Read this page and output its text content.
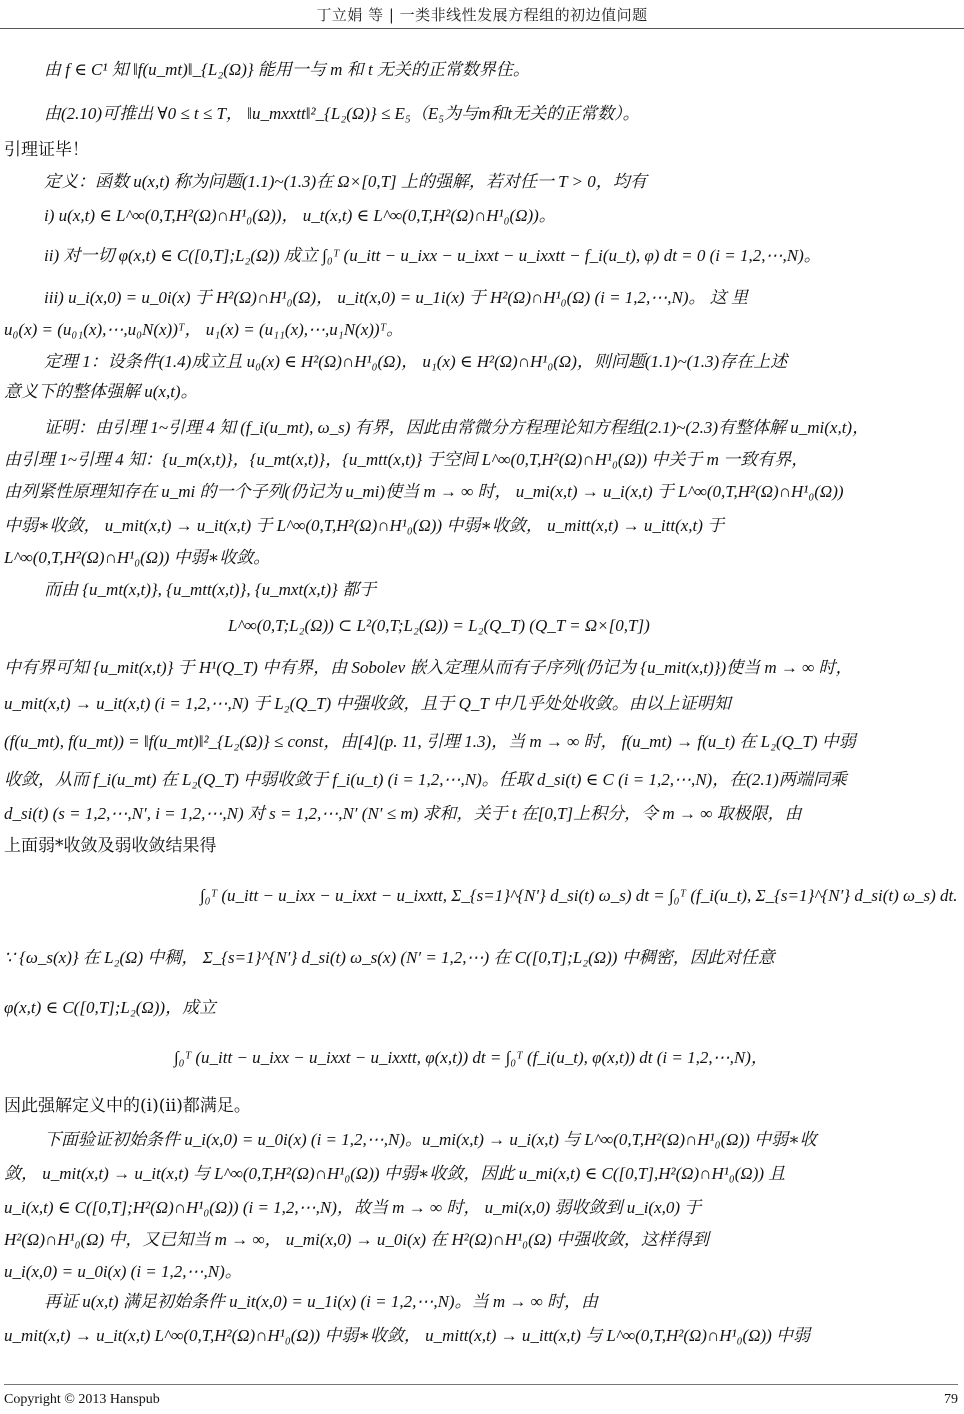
丁立娟 等 | 一类非线性发展方程组的初边值问题
由 f ∈ C¹ 知 ‖f(u_mt)‖_{L₂(Ω)} 能用一与 m 和 t 无关的正常数界住。
由(2.10)可推出 ∀0 ≤ t ≤ T， ‖u_mxxtt‖²_{L₂(Ω)} ≤ E₅（E₅为与m和t无关的正常数）。
引理证毕！
定义：函数 u(x,t) 称为问题(1.1)~(1.3)在 Ω×[0,T] 上的强解，若对任一 T > 0，均有
i) u(x,t) ∈ L^∞(0,T,H²(Ω)∩H¹₀(Ω))， u_t(x,t) ∈ L^∞(0,T,H²(Ω)∩H¹₀(Ω))。
ii) 对一切 φ(x,t) ∈ C([0,T];L₂(Ω)) 成立 ∫₀ᵀ (u_itt − u_ixx − u_ixxt − u_ixxtt − f_i(u_t), φ) dt = 0 (i = 1,2,⋯,N)。
iii) u_i(x,0) = u_0i(x) 于 H²(Ω)∩H¹₀(Ω)， u_it(x,0) = u_1i(x) 于 H²(Ω)∩H¹₀(Ω) (i = 1,2,⋯,N)。 这 里
u₀(x) = (u₀₁(x),⋯,u₀N(x))ᵀ， u₁(x) = (u₁₁(x),⋯,u₁N(x))ᵀ。
定理 1：设条件(1.4)成立且 u₀(x) ∈ H²(Ω)∩H¹₀(Ω)， u₁(x) ∈ H²(Ω)∩H¹₀(Ω)，则问题(1.1)~(1.3)存在上述
意义下的整体强解 u(x,t)。
证明：由引理 1~引理 4 知 (f_i(u_mt), ω_s) 有界，因此由常微分方程理论知方程组(2.1)~(2.3)有整体解 u_mi(x,t)，
由引理 1~引理 4 知：{u_m(x,t)}，{u_mt(x,t)}，{u_mtt(x,t)} 于空间 L^∞(0,T,H²(Ω)∩H¹₀(Ω)) 中关于 m 一致有界，
由列紧性原理知存在 u_mi 的一个子列(仍记为 u_mi)使当 m → ∞ 时， u_mi(x,t) → u_i(x,t) 于 L^∞(0,T,H²(Ω)∩H¹₀(Ω))
中弱∗收敛， u_mit(x,t) → u_it(x,t) 于 L^∞(0,T,H²(Ω)∩H¹₀(Ω)) 中弱∗收敛， u_mitt(x,t) → u_itt(x,t) 于
L^∞(0,T,H²(Ω)∩H¹₀(Ω)) 中弱∗收敛。
而由 {u_mt(x,t)}, {u_mtt(x,t)}, {u_mxt(x,t)} 都于
L^∞(0,T;L₂(Ω)) ⊂ L²(0,T;L₂(Ω)) = L₂(Q_T) (Q_T = Ω×[0,T])
中有界可知 {u_mit(x,t)} 于 H¹(Q_T) 中有界，由 Sobolev 嵌入定理从而有子序列(仍记为 {u_mit(x,t)})使当 m → ∞ 时，
u_mit(x,t) → u_it(x,t) (i = 1,2,⋯,N) 于 L₂(Q_T) 中强收敛，且于 Q_T 中几乎处处收敛。由以上证明知
(f(u_mt), f(u_mt)) = ‖f(u_mt)‖²_{L₂(Ω)} ≤ const，由[4](p. 11, 引理 1.3)，当 m → ∞ 时， f(u_mt) → f(u_t) 在 L₂(Q_T) 中弱
收敛，从而 f_i(u_mt) 在 L₂(Q_T) 中弱收敛于 f_i(u_t) (i = 1,2,⋯,N)。任取 d_si(t) ∈ C (i = 1,2,⋯,N)，在(2.1)两端同乘
d_si(t) (s = 1,2,⋯,N′, i = 1,2,⋯,N) 对 s = 1,2,⋯,N′ (N′ ≤ m) 求和，关于 t 在[0,T]上积分，令 m → ∞ 取极限，由
上面弱*收敛及弱收敛结果得
∫₀ᵀ (u_itt − u_ixx − u_ixxt − u_ixxtt, Σ_{s=1}^{N′} d_si(t) ω_s) dt = ∫₀ᵀ (f_i(u_t), Σ_{s=1}^{N′} d_si(t) ω_s) dt.
∵ {ω_s(x)} 在 L₂(Ω) 中稠， Σ_{s=1}^{N′} d_si(t) ω_s(x) (N′ = 1,2,⋯) 在 C([0,T];L₂(Ω)) 中稠密，因此对任意
φ(x,t) ∈ C([0,T];L₂(Ω))，成立
∫₀ᵀ (u_itt − u_ixx − u_ixxt − u_ixxtt, φ(x,t)) dt = ∫₀ᵀ (f_i(u_t), φ(x,t)) dt (i = 1,2,⋯,N)，
因此强解定义中的(i)(ii)都满足。
下面验证初始条件 u_i(x,0) = u_0i(x) (i = 1,2,⋯,N)。u_mi(x,t) → u_i(x,t) 与 L^∞(0,T,H²(Ω)∩H¹₀(Ω)) 中弱∗收
敛， u_mit(x,t) → u_it(x,t) 与 L^∞(0,T,H²(Ω)∩H¹₀(Ω)) 中弱∗收敛，因此 u_mi(x,t) ∈ C([0,T],H²(Ω)∩H¹₀(Ω)) 且
u_i(x,t) ∈ C([0,T];H²(Ω)∩H¹₀(Ω)) (i = 1,2,⋯,N)，故当 m → ∞ 时， u_mi(x,0) 弱收敛到 u_i(x,0) 于
H²(Ω)∩H¹₀(Ω) 中，又已知当 m → ∞， u_mi(x,0) → u_0i(x) 在 H²(Ω)∩H¹₀(Ω) 中强收敛，这样得到
u_i(x,0) = u_0i(x) (i = 1,2,⋯,N)。
再证 u(x,t) 满足初始条件 u_it(x,0) = u_1i(x) (i = 1,2,⋯,N)。当 m → ∞ 时，由
u_mit(x,t) → u_it(x,t) L^∞(0,T,H²(Ω)∩H¹₀(Ω)) 中弱∗收敛， u_mitt(x,t) → u_itt(x,t) 与 L^∞(0,T,H²(Ω)∩H¹₀(Ω)) 中弱
Copyright © 2013 Hanspub	79
